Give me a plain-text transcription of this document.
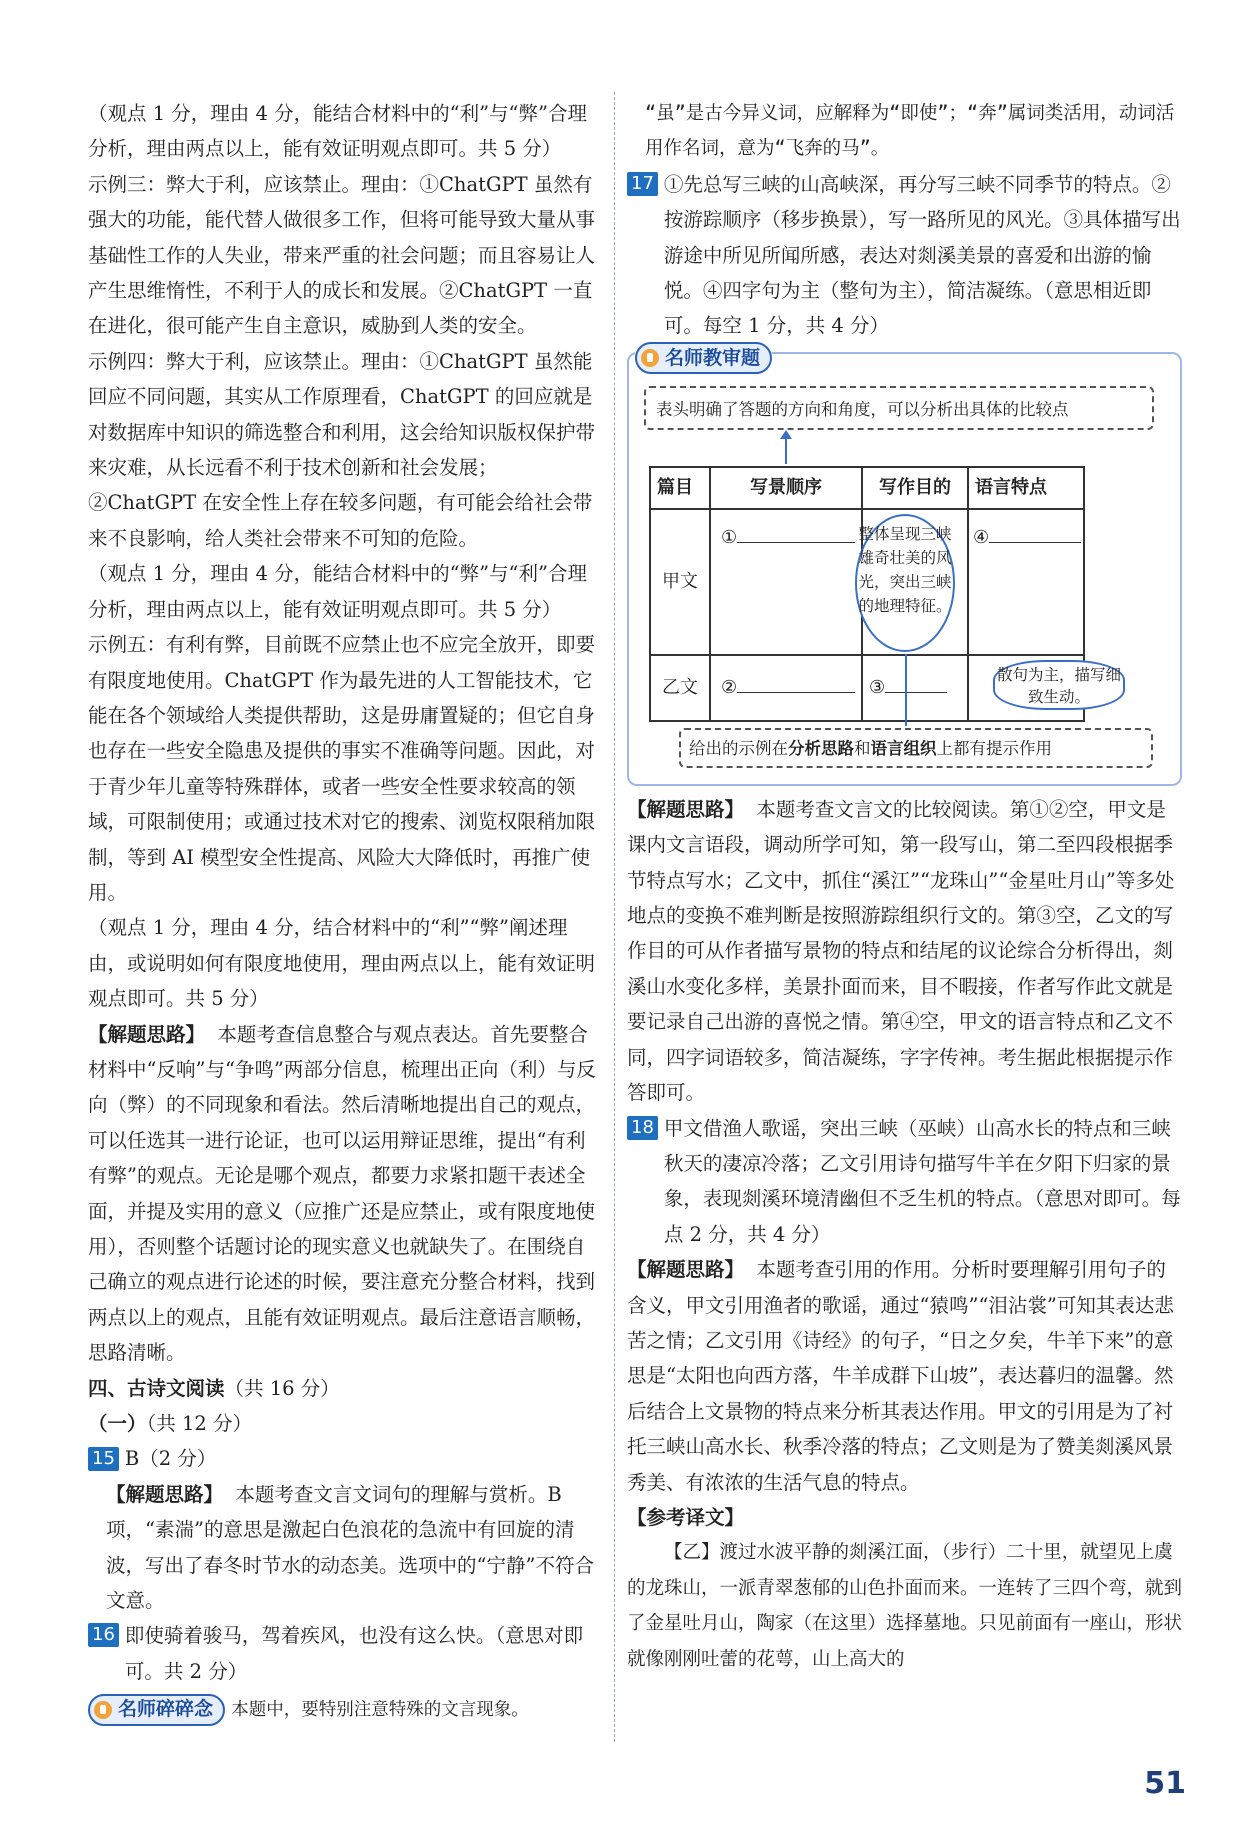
（观点 1 分，理由 4 分，能结合材料中的“利”与“弊”合理分析，理由两点以上，能有效证明观点即可。共 5 分）

示例三：弊大于利，应该禁止。理由：①ChatGPT 虽然有强大的功能，能代替人做很多工作，但将可能导致大量从事基础性工作的人失业，带来严重的社会问题；而且容易让人产生思维惰性，不利于人的成长和发展。②ChatGPT 一直在进化，很可能产生自主意识，威胁到人类的安全。

示例四：弊大于利，应该禁止。理由：①ChatGPT 虽然能回应不同问题，其实从工作原理看，ChatGPT 的回应就是对数据库中知识的筛选整合和利用，这会给知识版权保护带来灾难，从长远看不利于技术创新和社会发展；②ChatGPT 在安全性上存在较多问题，有可能会给社会带来不良影响，给人类社会带来不可知的危险。

（观点 1 分，理由 4 分，能结合材料中的“弊”与“利”合理分析，理由两点以上，能有效证明观点即可。共 5 分）

示例五：有利有弊，目前既不应禁止也不应完全放开，即要有限度地使用。ChatGPT 作为最先进的人工智能技术，它能在各个领域给人类提供帮助，这是毋庸置疑的；但它自身也存在一些安全隐患及提供的事实不准确等问题。因此，对于青少年儿童等特殊群体，或者一些安全性要求较高的领域，可限制使用；或通过技术对它的搜索、浏览权限稍加限制，等到 AI 模型安全性提高、风险大大降低时，再推广使用。

（观点 1 分，理由 4 分，结合材料中的“利”“弊”阐述理由，或说明如何有限度地使用，理由两点以上，能有效证明观点即可。共 5 分）

【解题思路】 本题考查信息整合与观点表达。首先要整合材料中“反响”与“争鸣”两部分信息，梳理出正向（利）与反向（弊）的不同现象和看法。然后清晰地提出自己的观点，可以任选其一进行论证，也可以运用辩证思维，提出“有利有弊”的观点。无论是哪个观点，都要力求紧扣题干表述全面，并提及实用的意义（应推广还是应禁止，或有限度地使用），否则整个话题讨论的现实意义也就缺失了。在围绕自己确立的观点进行论述的时候，要注意充分整合材料，找到两点以上的观点，且能有效证明观点。最后注意语言顺畅，思路清晰。

四、古诗文阅读（共 16 分）

（一）（共 12 分）

15 B（2 分）

【解题思路】 本题考查文言文词句的理解与赏析。B 项，“素湍”的意思是激起白色浪花的急流中有回旋的清波，写出了春冬时节水的动态美。选项中的“宁静”不符合文意。

16 即使骑着骏马，驾着疾风，也没有这么快。（意思对即可。共 2 分）

名师碎碎念 本题中，要特别注意特殊的文言现象。

“虽”是古今异义词，应解释为“即使”；“奔”属词类活用，动词活用作名词，意为“飞奔的马”。

17 ①先总写三峡的山高峡深，再分写三峡不同季节的特点。②按游踪顺序（移步换景），写一路所见的风光。③具体描写出游途中所见所闻所感，表达对剡溪美景的喜爱和出游的愉悦。④四字句为主（整句为主），简洁凝练。（意思相近即可。每空 1 分，共 4 分）
名师教审题
表头明确了答题的方向和角度，可以分析出具体的比较点
篇目	写景顺序	写作目的	语言特点
甲文	①		④
乙文	②	③	
整体呈现三峡雄奇壮美的风光，突出三峡的地理特征。
散句为主，描写细致生动。
给出的示例在分析思路和语言组织上都有提示作用

【解题思路】 本题考查文言文的比较阅读。第①②空，甲文是课内文言语段，调动所学可知，第一段写山，第二至四段根据季节特点写水；乙文中，抓住“溪江”“龙珠山”“金星吐月山”等多处地点的变换不难判断是按照游踪组织行文的。第③空，乙文的写作目的可从作者描写景物的特点和结尾的议论综合分析得出，剡溪山水变化多样，美景扑面而来，目不暇接，作者写作此文就是要记录自己出游的喜悦之情。第④空，甲文的语言特点和乙文不同，四字词语较多，简洁凝练，字字传神。考生据此根据提示作答即可。

18 甲文借渔人歌谣，突出三峡（巫峡）山高水长的特点和三峡秋天的凄凉冷落；乙文引用诗句描写牛羊在夕阳下归家的景象，表现剡溪环境清幽但不乏生机的特点。（意思对即可。每点 2 分，共 4 分）

【解题思路】 本题考查引用的作用。分析时要理解引用句子的含义，甲文引用渔者的歌谣，通过“猿鸣”“泪沾裳”可知其表达悲苦之情；乙文引用《诗经》的句子，“日之夕矣，牛羊下来”的意思是“太阳也向西方落，牛羊成群下山坡”，表达暮归的温馨。然后结合上文景物的特点来分析其表达作用。甲文的引用是为了衬托三峡山高水长、秋季冷落的特点；乙文则是为了赞美剡溪风景秀美、有浓浓的生活气息的特点。

【参考译文】

【乙】渡过水波平静的剡溪江面，（步行）二十里，就望见上虞的龙珠山，一派青翠葱郁的山色扑面而来。一连转了三四个弯，就到了金星吐月山，陶家（在这里）选择墓地。只见前面有一座山，形状就像刚刚吐蕾的花萼，山上高大的

51
